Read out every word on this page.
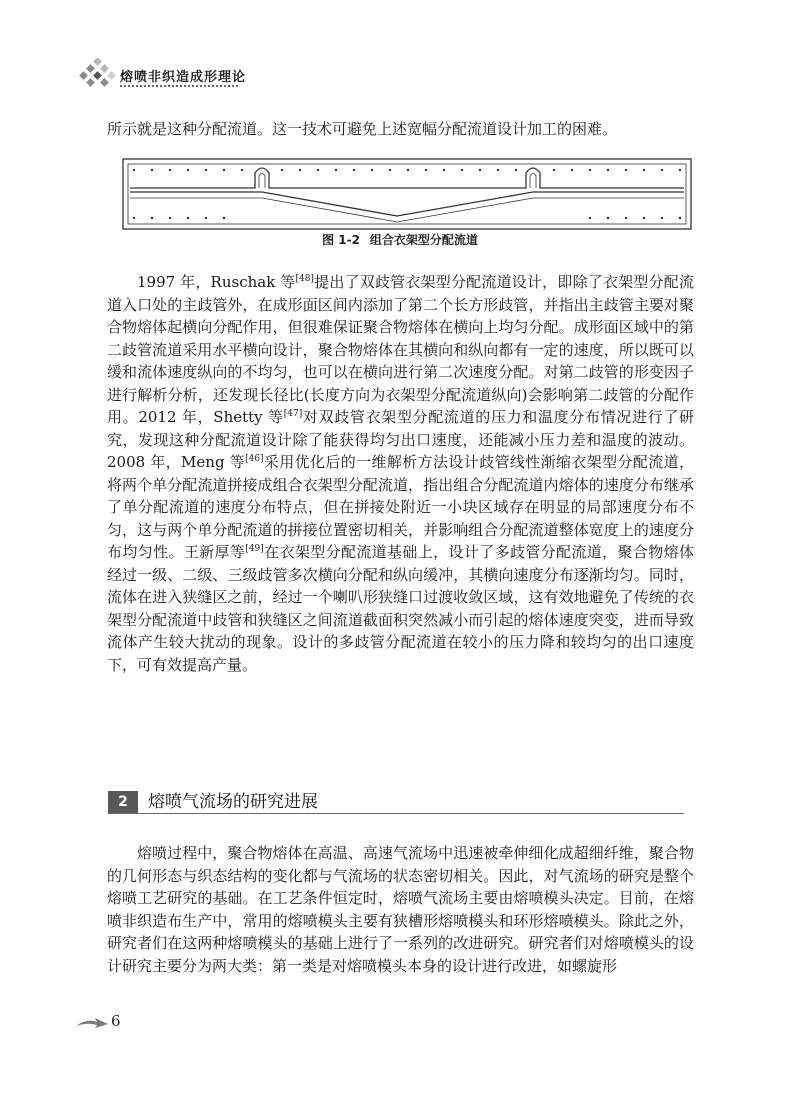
熔喷非织造成形理论

所示就是这种分配流道。这一技术可避免上述宽幅分配流道设计加工的困难。

图 1-2 组合衣架型分配流道

1997 年，Ruschak 等[48]提出了双歧管衣架型分配流道设计，即除了衣架型分配流道入口处的主歧管外，在成形面区间内添加了第二个长方形歧管，并指出主歧管主要对聚合物熔体起横向分配作用，但很难保证聚合物熔体在横向上均匀分配。成形面区域中的第二歧管流道采用水平横向设计，聚合物熔体在其横向和纵向都有一定的速度，所以既可以缓和流体速度纵向的不均匀，也可以在横向进行第二次速度分配。对第二歧管的形变因子进行解析分析，还发现长径比(长度方向为衣架型分配流道纵向)会影响第二歧管的分配作用。2012 年，Shetty 等[47]对双歧管衣架型分配流道的压力和温度分布情况进行了研究，发现这种分配流道设计除了能获得均匀出口速度，还能减小压力差和温度的波动。2008 年，Meng 等[46]采用优化后的一维解析方法设计歧管线性渐缩衣架型分配流道，将两个单分配流道拼接成组合衣架型分配流道，指出组合分配流道内熔体的速度分布继承了单分配流道的速度分布特点，但在拼接处附近一小块区域存在明显的局部速度分布不匀，这与两个单分配流道的拼接位置密切相关，并影响组合分配流道整体宽度上的速度分布均匀性。王新厚等[49]在衣架型分配流道基础上，设计了多歧管分配流道，聚合物熔体经过一级、二级、三级歧管多次横向分配和纵向缓冲，其横向速度分布逐渐均匀。同时，流体在进入狭缝区之前，经过一个喇叭形狭缝口过渡收敛区域，这有效地避免了传统的衣架型分配流道中歧管和狭缝区之间流道截面积突然减小而引起的熔体速度突变，进而导致流体产生较大扰动的现象。设计的多歧管分配流道在较小的压力降和较均匀的出口速度下，可有效提高产量。

2	熔喷气流场的研究进展

熔喷过程中，聚合物熔体在高温、高速气流场中迅速被牵伸细化成超细纤维，聚合物的几何形态与织态结构的变化都与气流场的状态密切相关。因此，对气流场的研究是整个熔喷工艺研究的基础。在工艺条件恒定时，熔喷气流场主要由熔喷模头决定。目前，在熔喷非织造布生产中，常用的熔喷模头主要有狭槽形熔喷模头和环形熔喷模头。除此之外，研究者们在这两种熔喷模头的基础上进行了一系列的改进研究。研究者们对熔喷模头的设计研究主要分为两大类：第一类是对熔喷模头本身的设计进行改进，如螺旋形

6
